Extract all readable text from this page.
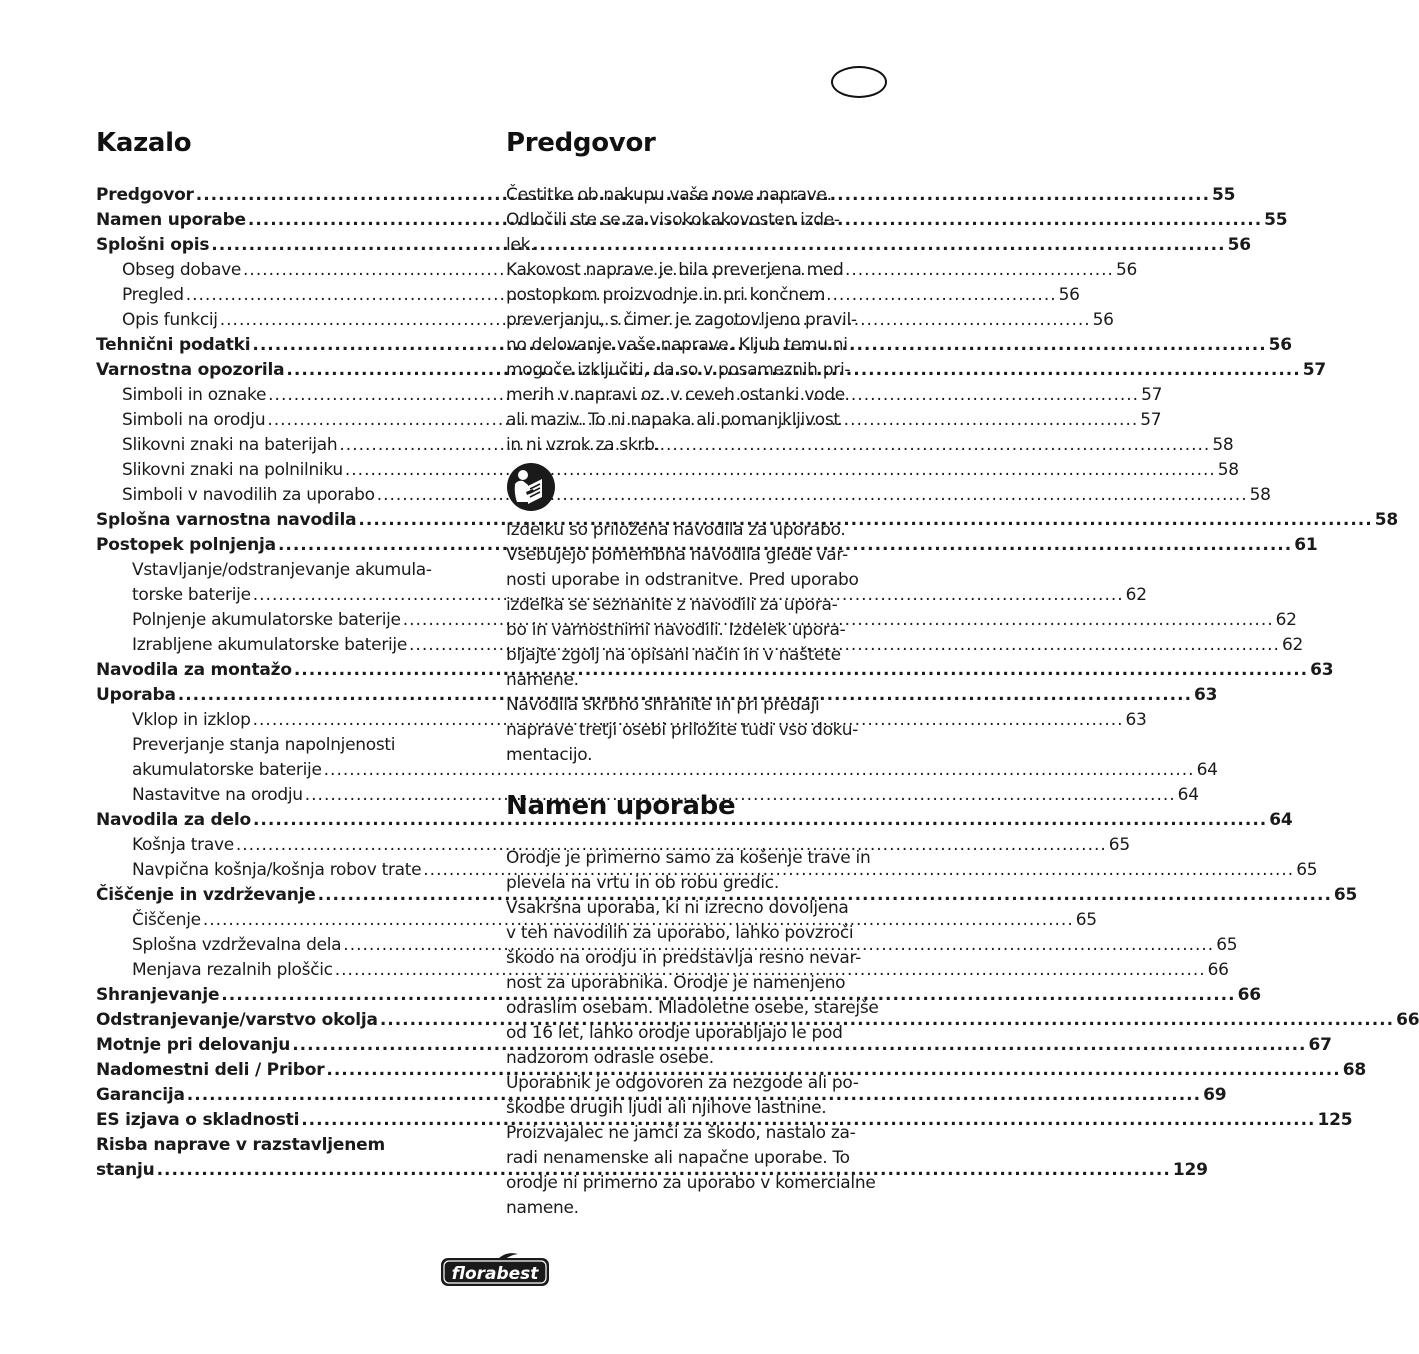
Kazalo
Predgovor .....	55
Namen uporabe .....	55
Splošni opis .....	56
Obseg dobave .....	56
Pregled .....	56
Opis funkcij .....	56
Tehnični podatki .....	56
Varnostna opozorila .....	57
Simboli in oznake .....	57
Simboli na orodju .....	57
Slikovni znaki na baterijah .....	58
Slikovni znaki na polnilniku .....	58
Simboli v navodilih za uporabo .....	58
Splošna varnostna navodila .....	58
Postopek polnjenja .....	61
Vstavljanje/odstranjevanje akumula-
torske baterije .....	62
Polnjenje akumulatorske baterije .....	62
Izrabljene akumulatorske baterije .....	62
Navodila za montažo .....	63
Uporaba .....	63
Vklop in izklop .....	63
Preverjanje stanja napolnjenosti
akumulatorske baterije .....	64
Nastavitve na orodju .....	64
Navodila za delo .....	64
Košnja trave .....	65
Navpična košnja/košnja robov trate .....	65
Čiščenje in vzdrževanje .....	65
Čiščenje .....	65
Splošna vzdrževalna dela .....	65
Menjava rezalnih ploščic .....	66
Shranjevanje .....	66
Odstranjevanje/varstvo okolja .....	66
Motnje pri delovanju .....	67
Nadomestni deli / Pribor .....	68
Garancija .....	69
ES izjava o skladnosti .....	125
Risba naprave v razstavljenem
stanju .....	129
Predgovor
Čestitke ob nakupu vaše nove naprave.
Odločili ste se za visokokakovosten izde-
lek.
Kakovost naprave je bila preverjena med
postopkom proizvodnje in pri končnem
preverjanju, s čimer je zagotovljeno pravil-
no delovanje vaše naprave. Kljub temu ni
mogoče izključiti, da so v posameznih pri-
merih v napravi oz. v ceveh ostanki vode
ali maziv. To ni napaka ali pomanjkljivost
in ni vzrok za skrb.
Izdelku so priložena navodila za uporabo.
Vsebujejo pomembna navodila glede var-
nosti uporabe in odstranitve. Pred uporabo
izdelka se seznanite z navodili za upora-
bo in varnostnimi navodili. Izdelek upora-
bljajte zgolj na opisani način in v naštete
namene.
Navodila skrbno shranite in pri predaji
naprave tretji osebi priložite tudi vso doku-
mentacijo.
Namen uporabe
Orodje je primerno samo za košenje trave in
plevela na vrtu in ob robu gredic.
Vsakršna uporaba, ki ni izrecno dovoljena
v teh navodilih za uporabo, lahko povzroči
škodo na orodju in predstavlja resno nevar-
nost za uporabnika. Orodje je namenjeno
odraslim osebam. Mladoletne osebe, starejše
od 16 let, lahko orodje uporabljajo le pod
nadzorom odrasle osebe.
Uporabnik je odgovoren za nezgode ali po-
škodbe drugih ljudi ali njihove lastnine.
Proizvajalec ne jamči za škodo, nastalo za-
radi nenamenske ali napačne uporabe. To
orodje ni primerno za uporabo v komercialne
namene.
florabest
